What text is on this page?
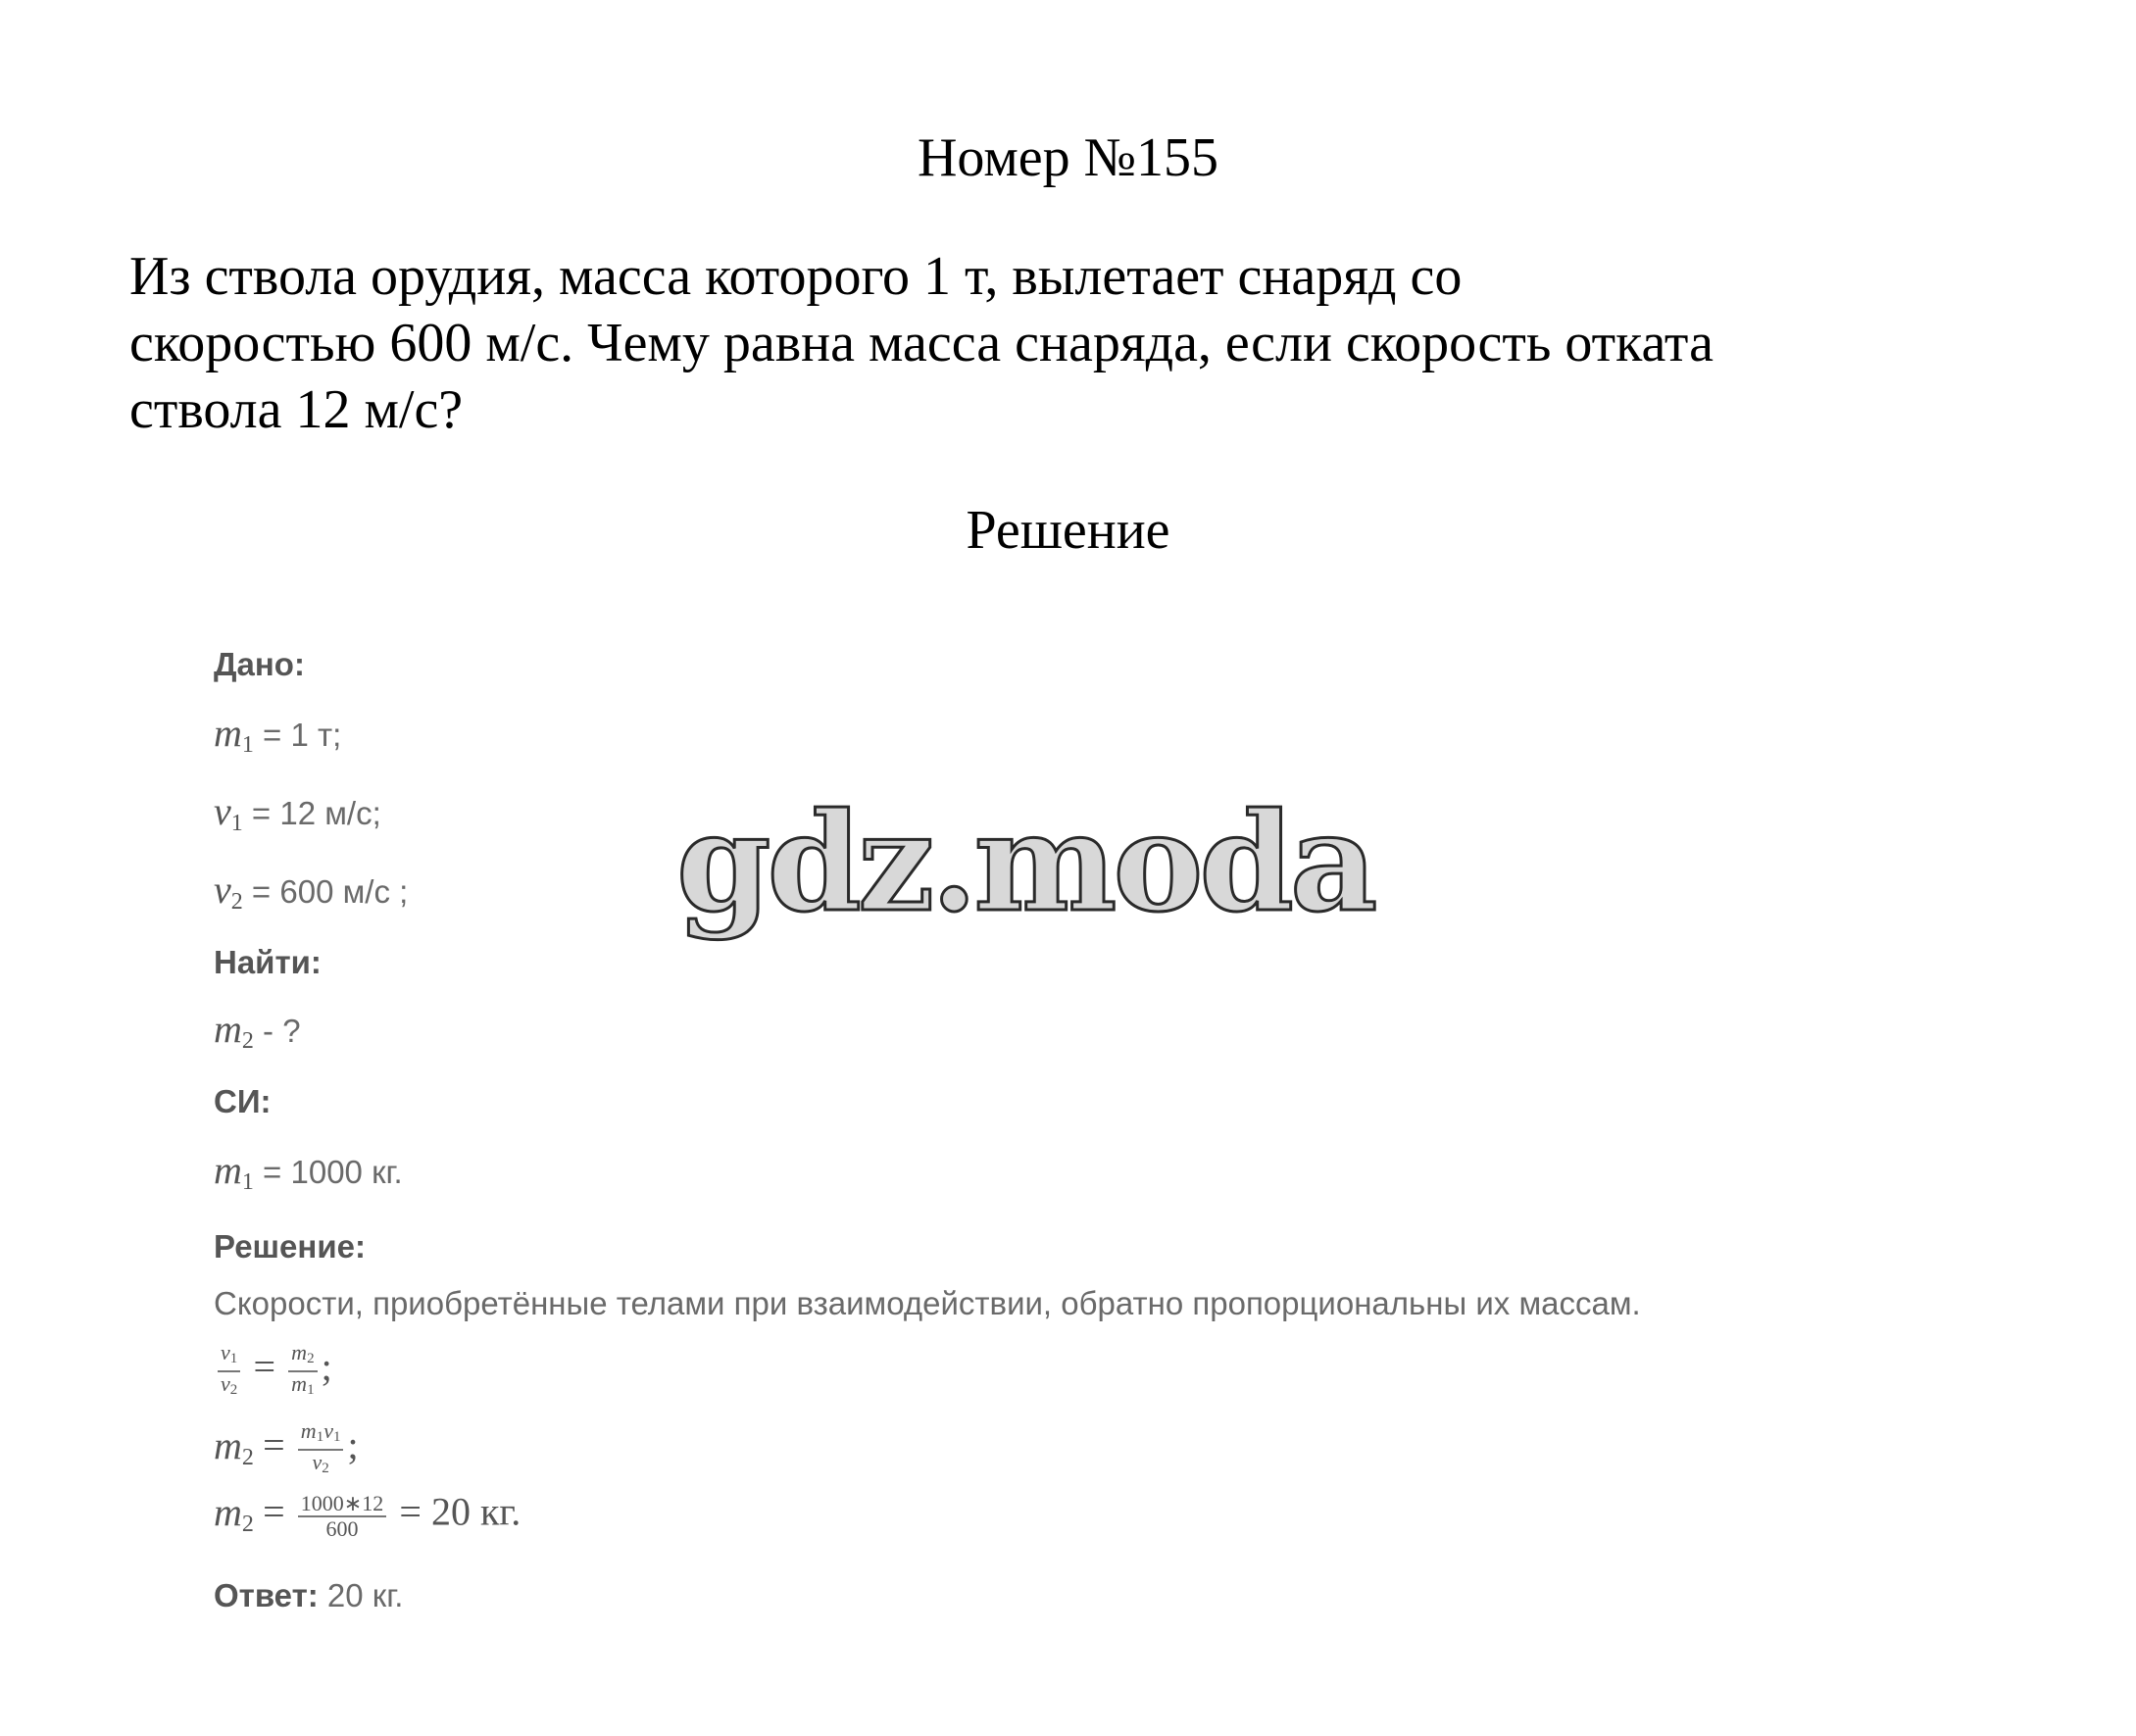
Номер №155
Из ствола орудия, масса которого 1 т, вылетает снаряд со
скоростью 600 м/с. Чему равна масса снаряда, если скорость отката
ствола 12 м/с?
Решение
Дано:
$m_1 = 1$ т;
$v_1 = 12$ м/с;
$v_2 = 600$ м/с ;
Найти:
$m_2$ - ?
СИ:
$m_1 = 1000$ кг.
Решение:
Скорости, приобретённые телами при взаимодействии, обратно пропорциональны их массам.
$\frac{v_1}{v_2} = \frac{m_2}{m_1}$ ;
$m_2 = \frac{m_1v_1}{v_2}$ ;
$m_2 = \frac{1000∗12}{600} = 20$ кг.
Ответ: 20 кг.
gdz.moda
